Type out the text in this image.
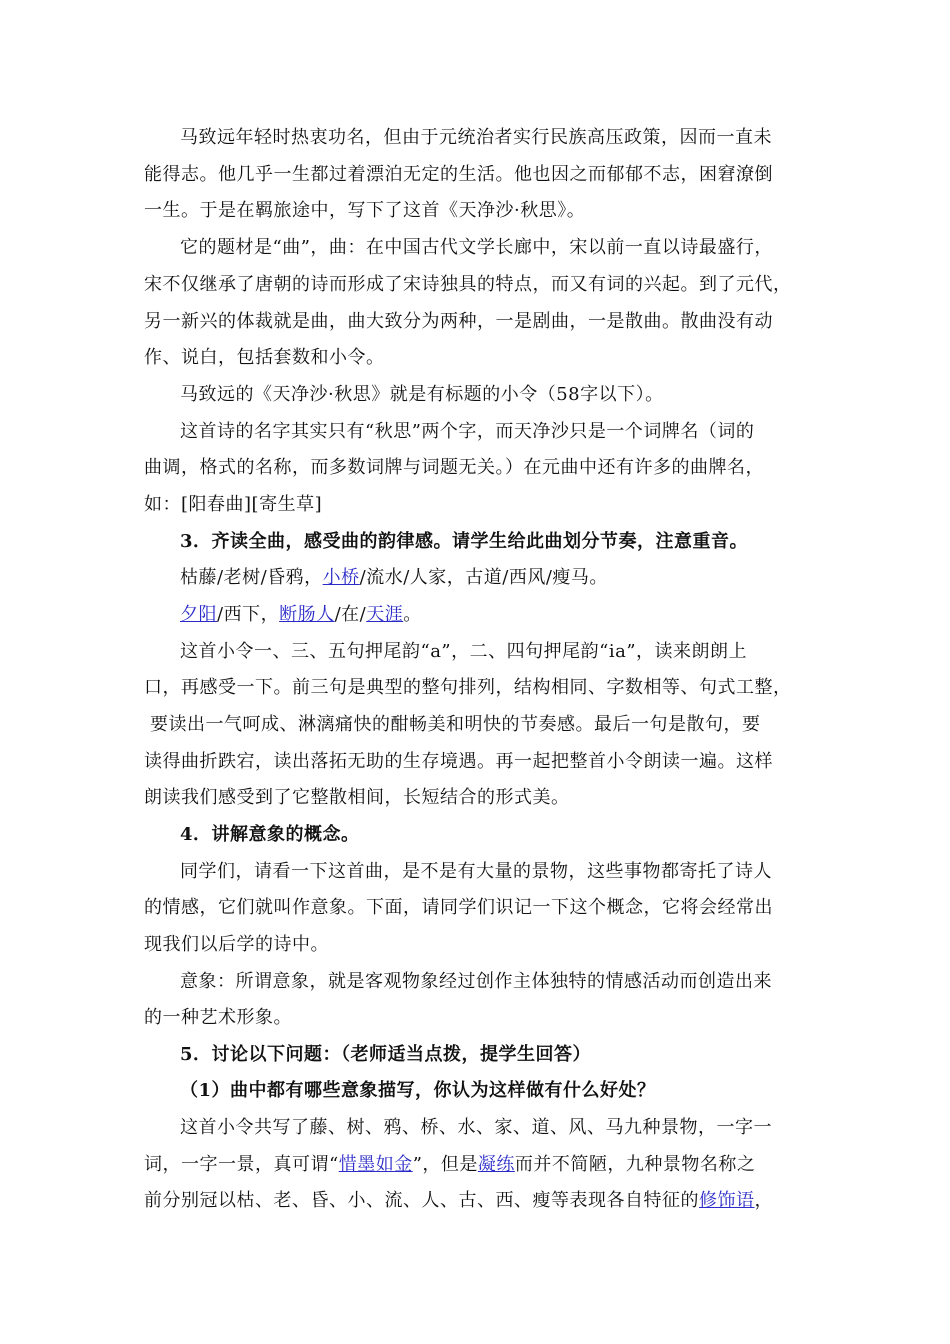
马致远年轻时热衷功名，但由于元统治者实行民族高压政策，因而一直未
能得志。他几乎一生都过着漂泊无定的生活。他也因之而郁郁不志，困窘潦倒
一生。于是在羁旅途中，写下了这首《天净沙·秋思》。
它的题材是“曲”，曲：在中国古代文学长廊中，宋以前一直以诗最盛行，
宋不仅继承了唐朝的诗而形成了宋诗独具的特点，而又有词的兴起。到了元代，
另一新兴的体裁就是曲，曲大致分为两种，一是剧曲，一是散曲。散曲没有动
作、说白，包括套数和小令。
马致远的《天净沙·秋思》就是有标题的小令（58字以下）。
这首诗的名字其实只有“秋思”两个字，而天净沙只是一个词牌名（词的
曲调，格式的名称，而多数词牌与词题无关。）在元曲中还有许多的曲牌名，
如：[阳春曲][寄生草]
3．齐读全曲，感受曲的韵律感。请学生给此曲划分节奏，注意重音。
枯藤/老树/昏鸦，小桥/流水/人家，古道/西风/瘦马。
夕阳/西下，断肠人/在/天涯。
这首小令一、三、五句押尾韵“a”，二、四句押尾韵“ia”，读来朗朗上
口，再感受一下。前三句是典型的整句排列，结构相同、字数相等、句式工整，
要读出一气呵成、淋漓痛快的酣畅美和明快的节奏感。最后一句是散句，要
读得曲折跌宕，读出落拓无助的生存境遇。再一起把整首小令朗读一遍。这样
朗读我们感受到了它整散相间，长短结合的形式美。
4．讲解意象的概念。
同学们，请看一下这首曲，是不是有大量的景物，这些事物都寄托了诗人
的情感，它们就叫作意象。下面，请同学们识记一下这个概念，它将会经常出
现我们以后学的诗中。
意象：所谓意象，就是客观物象经过创作主体独特的情感活动而创造出来
的一种艺术形象。
5．讨论以下问题：（老师适当点拨，提学生回答）
（1）曲中都有哪些意象描写，你认为这样做有什么好处？
这首小令共写了藤、树、鸦、桥、水、家、道、风、马九种景物，一字一
词，一字一景，真可谓“惜墨如金”，但是凝练而并不简陋，九种景物名称之
前分别冠以枯、老、昏、小、流、人、古、西、瘦等表现各自特征的修饰语，
